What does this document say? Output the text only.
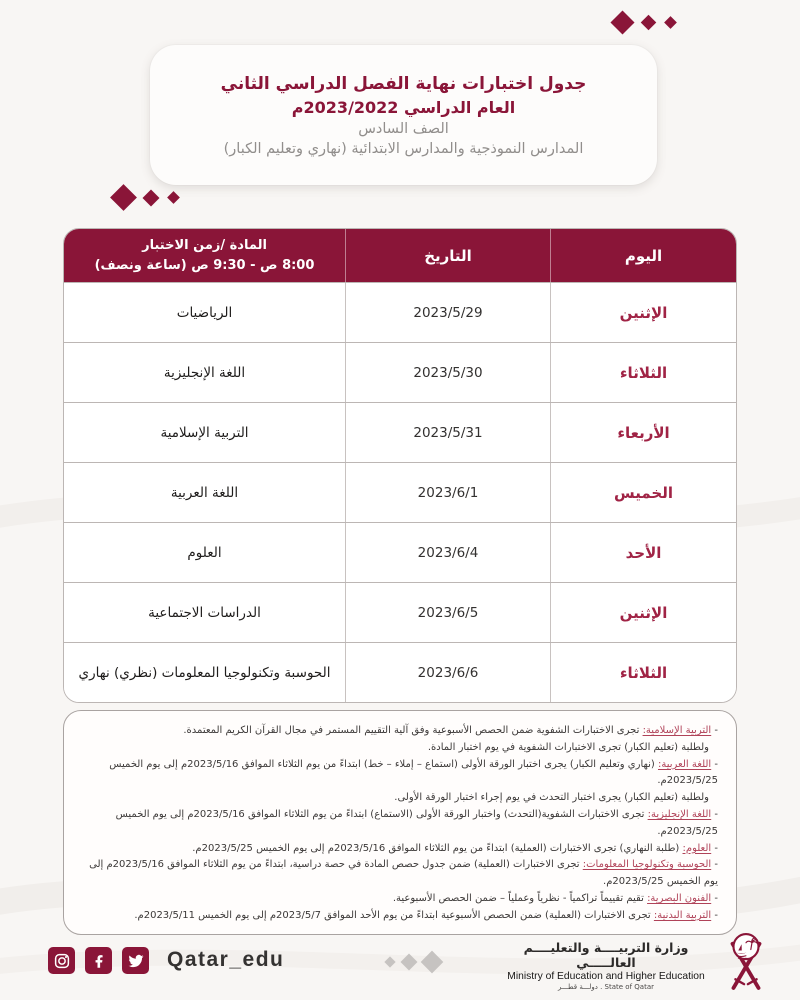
جدول اختبارات نهاية الفصل الدراسي الثاني
العام الدراسي 2023/2022م
الصف السادس
المدارس النموذجية والمدارس الابتدائية (نهاري وتعليم الكبار)
اليوم
التاريخ
المادة /زمن الاختبار
8:00 ص - 9:30 ص (ساعة ونصف)
الإثنين
2023/5/29
الرياضيات
الثلاثاء
2023/5/30
اللغة الإنجليزية
الأربعاء
2023/5/31
التربية الإسلامية
الخميس
2023/6/1
اللغة العربية
الأحد
2023/6/4
العلوم
الإثنين
2023/6/5
الدراسات الاجتماعية
الثلاثاء
2023/6/6
الحوسبة وتكنولوجيا المعلومات (نظري) نهاري
- التربية الإسلامية: تجرى الاختبارات الشفوية ضمن الحصص الأسبوعية وفق آلية التقييم المستمر في مجال القرآن الكريم المعتمدة.
ولطلبة (تعليم الكبار) تجرى الاختبارات الشفوية في يوم اختبار المادة.
- اللغة العربية: (نهاري وتعليم الكبار) يجرى اختبار الورقة الأولى (استماع – إملاء – خط) ابتداءً من يوم الثلاثاء الموافق 2023/5/16م إلى يوم الخميس 2023/5/25م.
ولطلبة (تعليم الكبار) يجرى اختبار التحدث في يوم إجراء اختبار الورقة الأولى.
- اللغة الإنجليزية: تجرى الاختبارات الشفوية(التحدث) واختبار الورقة الأولى (الاستماع) ابتداءً من يوم الثلاثاء الموافق 2023/5/16م إلى يوم الخميس 2023/5/25م.
- العلوم: (طلبة النهاري) تجرى الاختبارات (العملية) ابتداءً من يوم الثلاثاء الموافق 2023/5/16م إلى يوم الخميس 2023/5/25م.
- الحوسبة وتكنولوجيا المعلومات: تجرى الاختبارات (العملية) ضمن جدول حصص المادة في حصة دراسية، ابتداءً من يوم الثلاثاء الموافق 2023/5/16م إلى يوم الخميس 2023/5/25م.
- الفنون البصرية: تقيم تقييماً تراكمياً - نظرياً وعملياً – ضمن الحصص الأسبوعية.
- التربية البدنية: تجرى الاختبارات (العملية) ضمن الحصص الأسبوعية ابتداءً من يوم الأحد الموافق 2023/5/7م إلى يوم الخميس 2023/5/11م.
Qatar_edu	وزارة التربيــــة والتعليــــم العالـــــي
Ministry of Education and Higher Education
دولـــة قطـــر . State of Qatar
